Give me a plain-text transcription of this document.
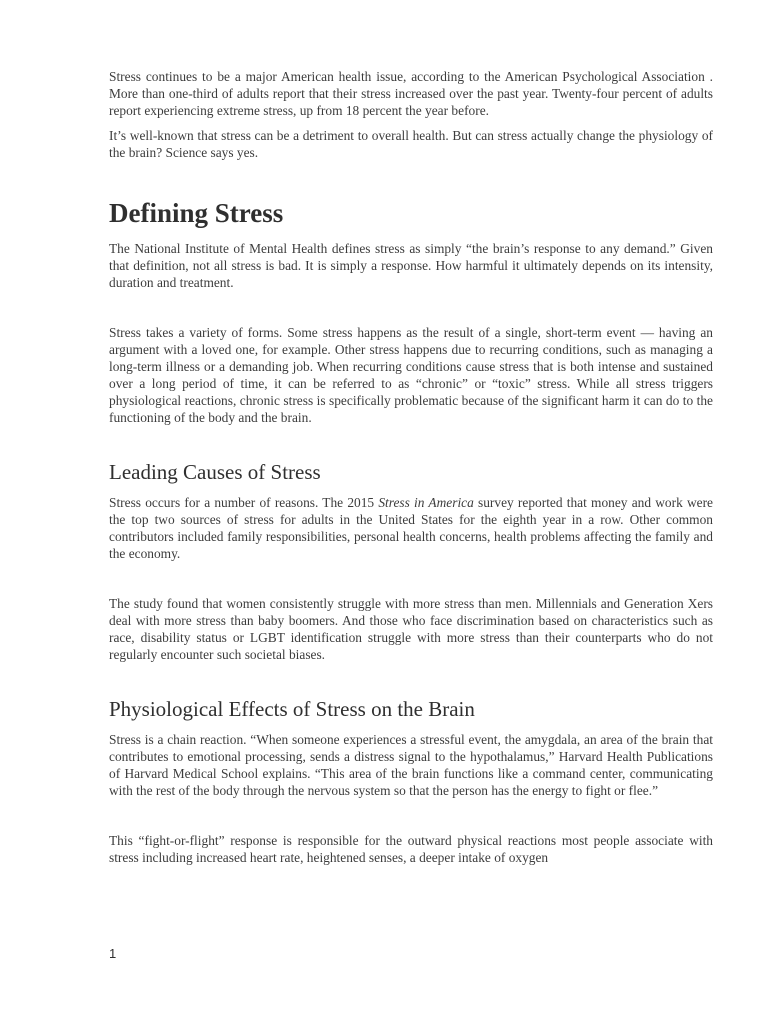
Stress continues to be a major American health issue, according to the American Psychological Association . More than one-third of adults report that their stress increased over the past year. Twenty-four percent of adults report experiencing extreme stress, up from 18 percent the year before.

It’s well-known that stress can be a detriment to overall health. But can stress actually change the physiology of the brain? Science says yes.

Defining Stress

The National Institute of Mental Health defines stress as simply “the brain’s response to any demand.” Given that definition, not all stress is bad. It is simply a response. How harmful it ultimately depends on its intensity, duration and treatment.

Stress takes a variety of forms. Some stress happens as the result of a single, short-term event — having an argument with a loved one, for example. Other stress happens due to recurring conditions, such as managing a long-term illness or a demanding job. When recurring conditions cause stress that is both intense and sustained over a long period of time, it can be referred to as “chronic” or “toxic” stress. While all stress triggers physiological reactions, chronic stress is specifically problematic because of the significant harm it can do to the functioning of the body and the brain.

Leading Causes of Stress

Stress occurs for a number of reasons. The 2015 Stress in America survey reported that money and work were the top two sources of stress for adults in the United States for the eighth year in a row. Other common contributors included family responsibilities, personal health concerns, health problems affecting the family and the economy.

The study found that women consistently struggle with more stress than men. Millennials and Generation Xers deal with more stress than baby boomers. And those who face discrimination based on characteristics such as race, disability status or LGBT identification struggle with more stress than their counterparts who do not regularly encounter such societal biases.

Physiological Effects of Stress on the Brain

Stress is a chain reaction. “When someone experiences a stressful event, the amygdala, an area of the brain that contributes to emotional processing, sends a distress signal to the hypothalamus,” Harvard Health Publications of Harvard Medical School explains. “This area of the brain functions like a command center, communicating with the rest of the body through the nervous system so that the person has the energy to fight or flee.”

This “fight-or-flight” response is responsible for the outward physical reactions most people associate with stress including increased heart rate, heightened senses, a deeper intake of oxygen

1
